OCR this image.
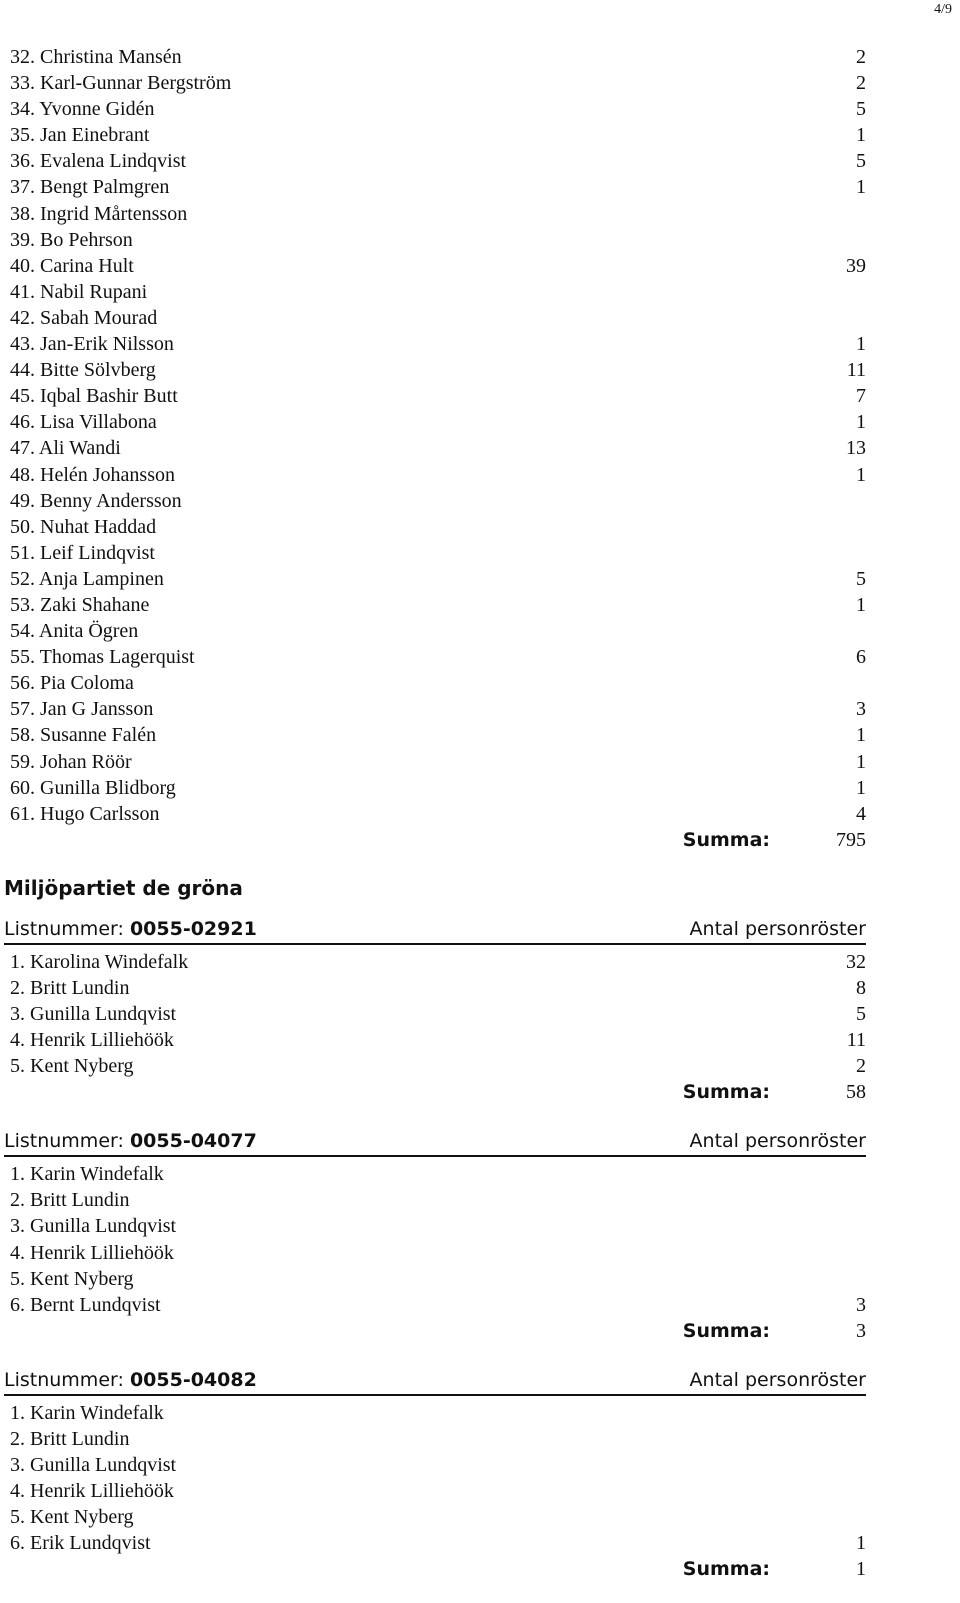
4/9
32. Christina Mansén	2
33. Karl-Gunnar Bergström	2
34. Yvonne Gidén	5
35. Jan Einebrant	1
36. Evalena Lindqvist	5
37. Bengt Palmgren	1
38. Ingrid Mårtensson
39. Bo Pehrson
40. Carina Hult	39
41. Nabil Rupani
42. Sabah Mourad
43. Jan-Erik Nilsson	1
44. Bitte Sölvberg	11
45. Iqbal Bashir Butt	7
46. Lisa Villabona	1
47. Ali Wandi	13
48. Helén Johansson	1
49. Benny Andersson
50. Nuhat Haddad
51. Leif Lindqvist
52. Anja Lampinen	5
53. Zaki Shahane	1
54. Anita Ögren
55. Thomas Lagerquist	6
56. Pia Coloma
57. Jan G Jansson	3
58. Susanne Falén	1
59. Johan Röör	1
60. Gunilla Blidborg	1
61. Hugo Carlsson	4
Summa:	795
Miljöpartiet de gröna
Listnummer: 0055-02921	Antal personröster
1. Karolina Windefalk	32
2. Britt Lundin	8
3. Gunilla Lundqvist	5
4. Henrik Lilliehöök	11
5. Kent Nyberg	2
Summa:	58
Listnummer: 0055-04077	Antal personröster
1. Karin Windefalk
2. Britt Lundin
3. Gunilla Lundqvist
4. Henrik Lilliehöök
5. Kent Nyberg
6. Bernt Lundqvist	3
Summa:	3
Listnummer: 0055-04082	Antal personröster
1. Karin Windefalk
2. Britt Lundin
3. Gunilla Lundqvist
4. Henrik Lilliehöök
5. Kent Nyberg
6. Erik Lundqvist	1
Summa:	1
